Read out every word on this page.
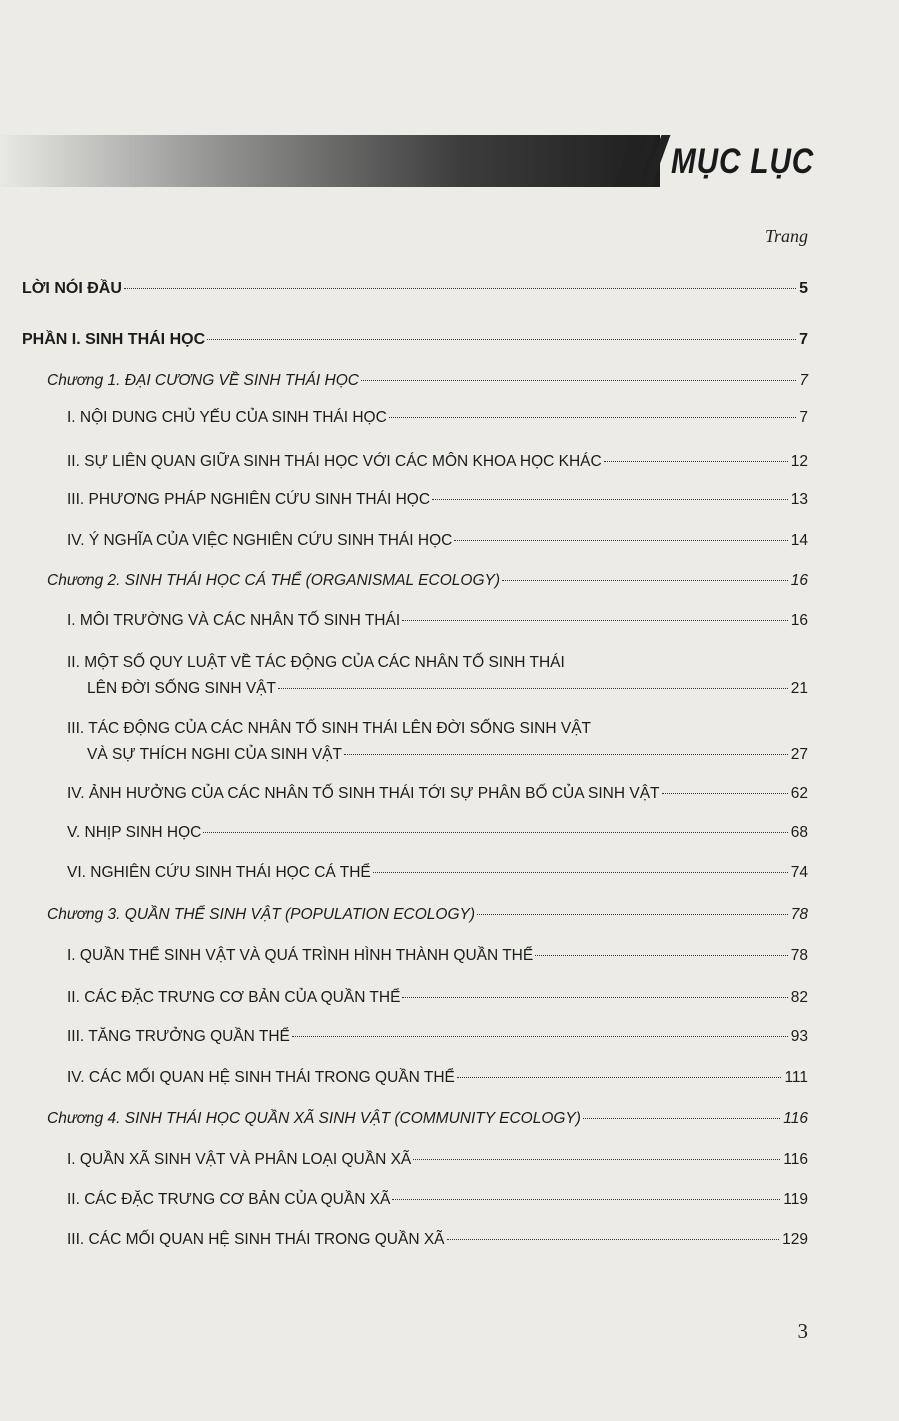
MỤC LỤC
Trang
LỜI NÓI ĐẦU	5
PHẦN I. SINH THÁI HỌC	7
Chương 1. ĐẠI CƯƠNG VỀ SINH THÁI HỌC	7
I. NỘI DUNG CHỦ YẾU CỦA SINH THÁI HỌC	7
II. SỰ LIÊN QUAN GIỮA SINH THÁI HỌC VỚI CÁC MÔN KHOA HỌC KHÁC	12
III. PHƯƠNG PHÁP NGHIÊN CỨU SINH THÁI HỌC	13
IV. Ý NGHĨA CỦA VIỆC NGHIÊN CỨU SINH THÁI HỌC	14
Chương 2. SINH THÁI HỌC CÁ THỂ (ORGANISMAL ECOLOGY)	16
I. MÔI TRƯỜNG VÀ CÁC NHÂN TỐ SINH THÁI	16
II. MỘT SỐ QUY LUẬT VỀ TÁC ĐỘNG CỦA CÁC NHÂN TỐ SINH THÁI
LÊN ĐỜI SỐNG SINH VẬT	21
III. TÁC ĐỘNG CỦA CÁC NHÂN TỐ SINH THÁI LÊN ĐỜI SỐNG SINH VẬT
VÀ SỰ THÍCH NGHI CỦA SINH VẬT	27
IV. ẢNH HƯỞNG CỦA CÁC NHÂN TỐ SINH THÁI TỚI SỰ PHÂN BỐ CỦA SINH VẬT	62
V. NHỊP SINH HỌC	68
VI. NGHIÊN CỨU SINH THÁI HỌC CÁ THỂ	74
Chương 3. QUẦN THỂ SINH VẬT (POPULATION ECOLOGY)	78
I. QUẦN THỂ SINH VẬT VÀ QUÁ TRÌNH HÌNH THÀNH QUẦN THỂ	78
II. CÁC ĐẶC TRƯNG CƠ BẢN CỦA QUẦN THỂ	82
III. TĂNG TRƯỞNG QUẦN THỂ	93
IV. CÁC MỐI QUAN HỆ SINH THÁI TRONG QUẦN THỂ	111
Chương 4. SINH THÁI HỌC QUẦN XÃ SINH VẬT (COMMUNITY ECOLOGY)	116
I. QUẦN XÃ SINH VẬT VÀ PHÂN LOẠI QUẦN XÃ	116
II. CÁC ĐẶC TRƯNG CƠ BẢN CỦA QUẦN XÃ	119
III. CÁC MỐI QUAN HỆ SINH THÁI TRONG QUẦN XÃ	129
3
